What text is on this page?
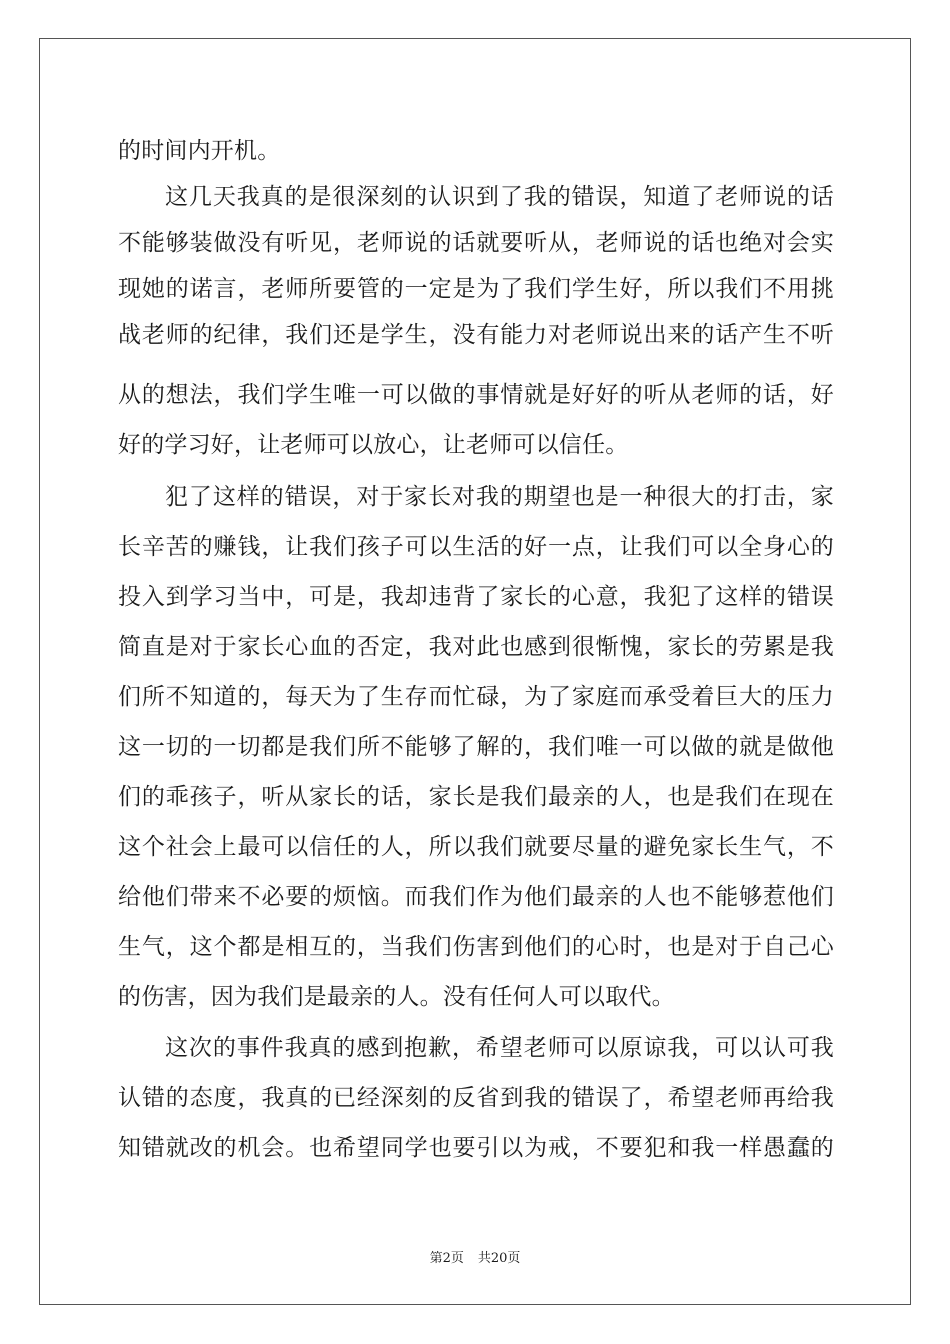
的时间内开机。
这几天我真的是很深刻的认识到了我的错误，知道了老师说的话
不能够装做没有听见，老师说的话就要听从，老师说的话也绝对会实
现她的诺言，老师所要管的一定是为了我们学生好，所以我们不用挑
战老师的纪律，我们还是学生，没有能力对老师说出来的话产生不听
从的想法，我们学生唯一可以做的事情就是好好的听从老师的话，好
好的学习好，让老师可以放心，让老师可以信任。
犯了这样的错误，对于家长对我的期望也是一种很大的打击，家
长辛苦的赚钱，让我们孩子可以生活的好一点，让我们可以全身心的
投入到学习当中，可是，我却违背了家长的心意，我犯了这样的错误
简直是对于家长心血的否定，我对此也感到很惭愧，家长的劳累是我
们所不知道的，每天为了生存而忙碌，为了家庭而承受着巨大的压力
这一切的一切都是我们所不能够了解的，我们唯一可以做的就是做他
们的乖孩子，听从家长的话，家长是我们最亲的人，也是我们在现在
这个社会上最可以信任的人，所以我们就要尽量的避免家长生气，不
给他们带来不必要的烦恼。而我们作为他们最亲的人也不能够惹他们
生气，这个都是相互的，当我们伤害到他们的心时，也是对于自己心
的伤害，因为我们是最亲的人。没有任何人可以取代。
这次的事件我真的感到抱歉，希望老师可以原谅我，可以认可我
认错的态度，我真的已经深刻的反省到我的错误了，希望老师再给我
知错就改的机会。也希望同学也要引以为戒，不要犯和我一样愚蠢的
第2页 共20页
